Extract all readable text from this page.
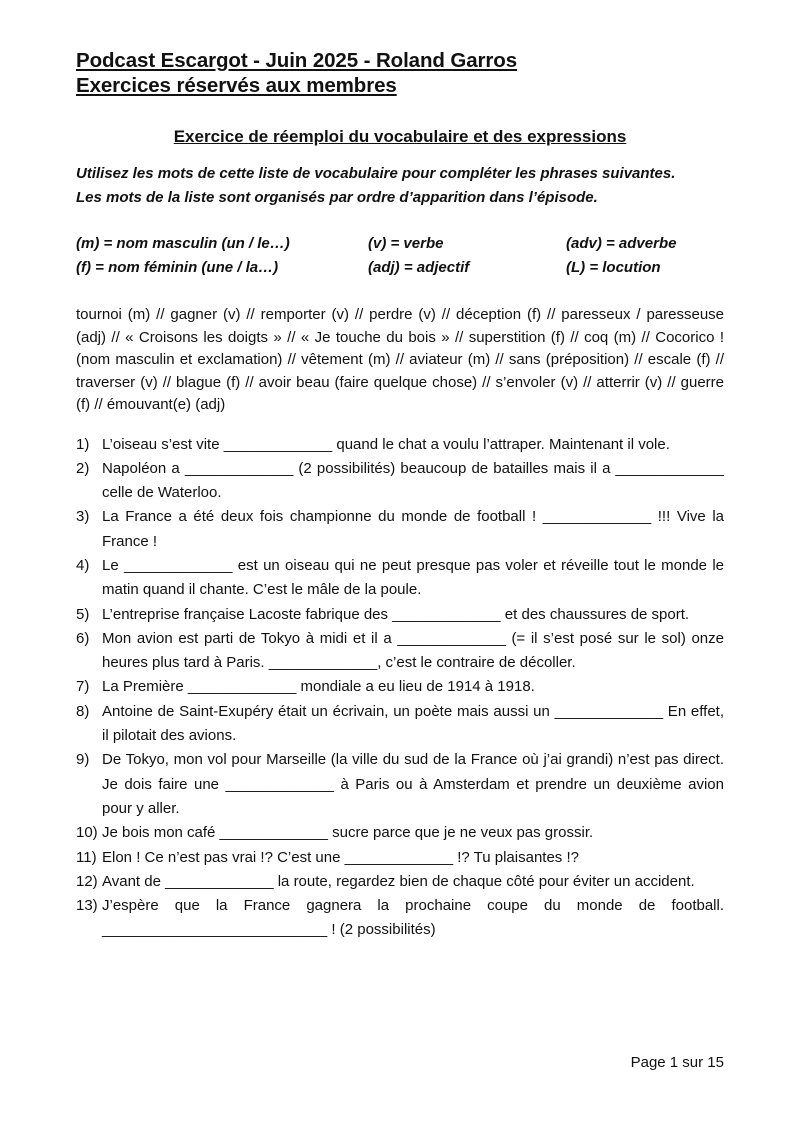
Podcast Escargot - Juin 2025 - Roland Garros
Exercices réservés aux membres
Exercice de réemploi du vocabulaire et des expressions
Utilisez les mots de cette liste de vocabulaire pour compléter les phrases suivantes.
Les mots de la liste sont organisés par ordre d’apparition dans l’épisode.
(m) = nom masculin (un / le…)	(v) = verbe	(adv) = adverbe
(f) = nom féminin (une / la…)	(adj) = adjectif	(L) = locution

tournoi (m) // gagner (v) // remporter (v) // perdre (v) // déception (f) // paresseux / paresseuse (adj) // « Croisons les doigts » // « Je touche du bois » // superstition (f) // coq (m) // Cocorico ! (nom masculin et exclamation) // vêtement (m) // aviateur (m) // sans (préposition) // escale (f) // traverser (v) // blague (f) // avoir beau (faire quelque chose) // s’envoler (v) // atterrir (v) // guerre (f) // émouvant(e) (adj)

1) L’oiseau s’est vite _____________ quand le chat a voulu l’attraper. Maintenant il vole.
2) Napoléon a _____________ (2 possibilités) beaucoup de batailles mais il a _____________ celle de Waterloo.
3) La France a été deux fois championne du monde de football ! _____________ !!! Vive la France !
4) Le _____________ est un oiseau qui ne peut presque pas voler et réveille tout le monde le matin quand il chante. C’est le mâle de la poule.
5) L’entreprise française Lacoste fabrique des _____________ et des chaussures de sport.
6) Mon avion est parti de Tokyo à midi et il a _____________ (= il s’est posé sur le sol) onze heures plus tard à Paris. _____________, c’est le contraire de décoller.
7) La Première _____________ mondiale a eu lieu de 1914 à 1918.
8) Antoine de Saint-Exupéry était un écrivain, un poète mais aussi un _____________ En effet, il pilotait des avions.
9) De Tokyo, mon vol pour Marseille (la ville du sud de la France où j’ai grandi) n’est pas direct. Je dois faire une _____________ à Paris ou à Amsterdam et prendre un deuxième avion pour y aller.
10) Je bois mon café _____________ sucre parce que je ne veux pas grossir.
11) Elon ! Ce n’est pas vrai !? C’est une _____________ !? Tu plaisantes !?
12) Avant de _____________ la route, regardez bien de chaque côté pour éviter un accident.
13) J’espère que la France gagnera la prochaine coupe du monde de football. ___________________________ ! (2 possibilités)
Page 1 sur 15
